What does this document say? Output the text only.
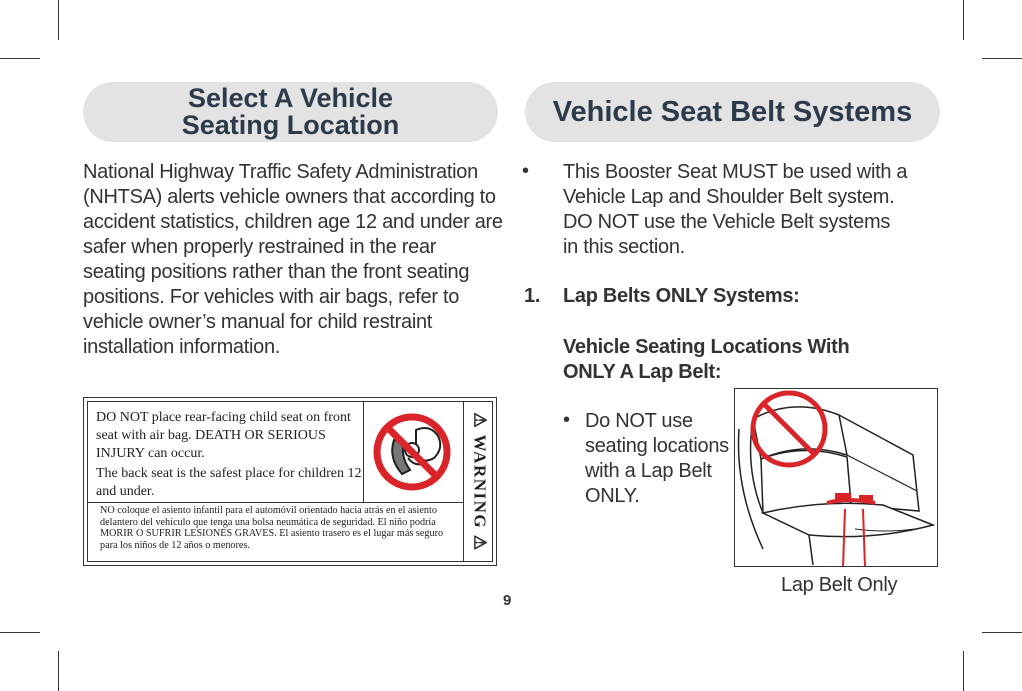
Select A Vehicle
Seating Location
National Highway Traffic Safety Administration (NHTSA) alerts vehicle owners that according to accident statistics, children age 12 and under are safer when properly restrained in the rear seating positions rather than the front seating positions. For vehicles with air bags, refer to vehicle owner’s manual for child restraint installation information.

DO NOT place rear-facing child seat on front seat with air bag. DEATH OR SERIOUS INJURY can occur.

The back seat is the safest place for children 12 and under.

NO coloque el asiento infantil para el automóvil orientado hacia atrás en el asiento delantero del vehículo que tenga una bolsa neumática de seguridad. El niño podría MORIR O SUFRIR LESIONES GRAVES. El asiento trasero es el lugar más seguro para los niños de 12 años o menores.	⚠ WARNING ⚠
Vehicle Seat Belt Systems
• This Booster Seat MUST be used with a Vehicle Lap and Shoulder Belt system. DO NOT use the Vehicle Belt systems in this section.
1. Lap Belts ONLY Systems:
Vehicle Seating Locations With ONLY A Lap Belt:
• Do NOT use seating locations with a Lap Belt ONLY.
Lap Belt Only
9
